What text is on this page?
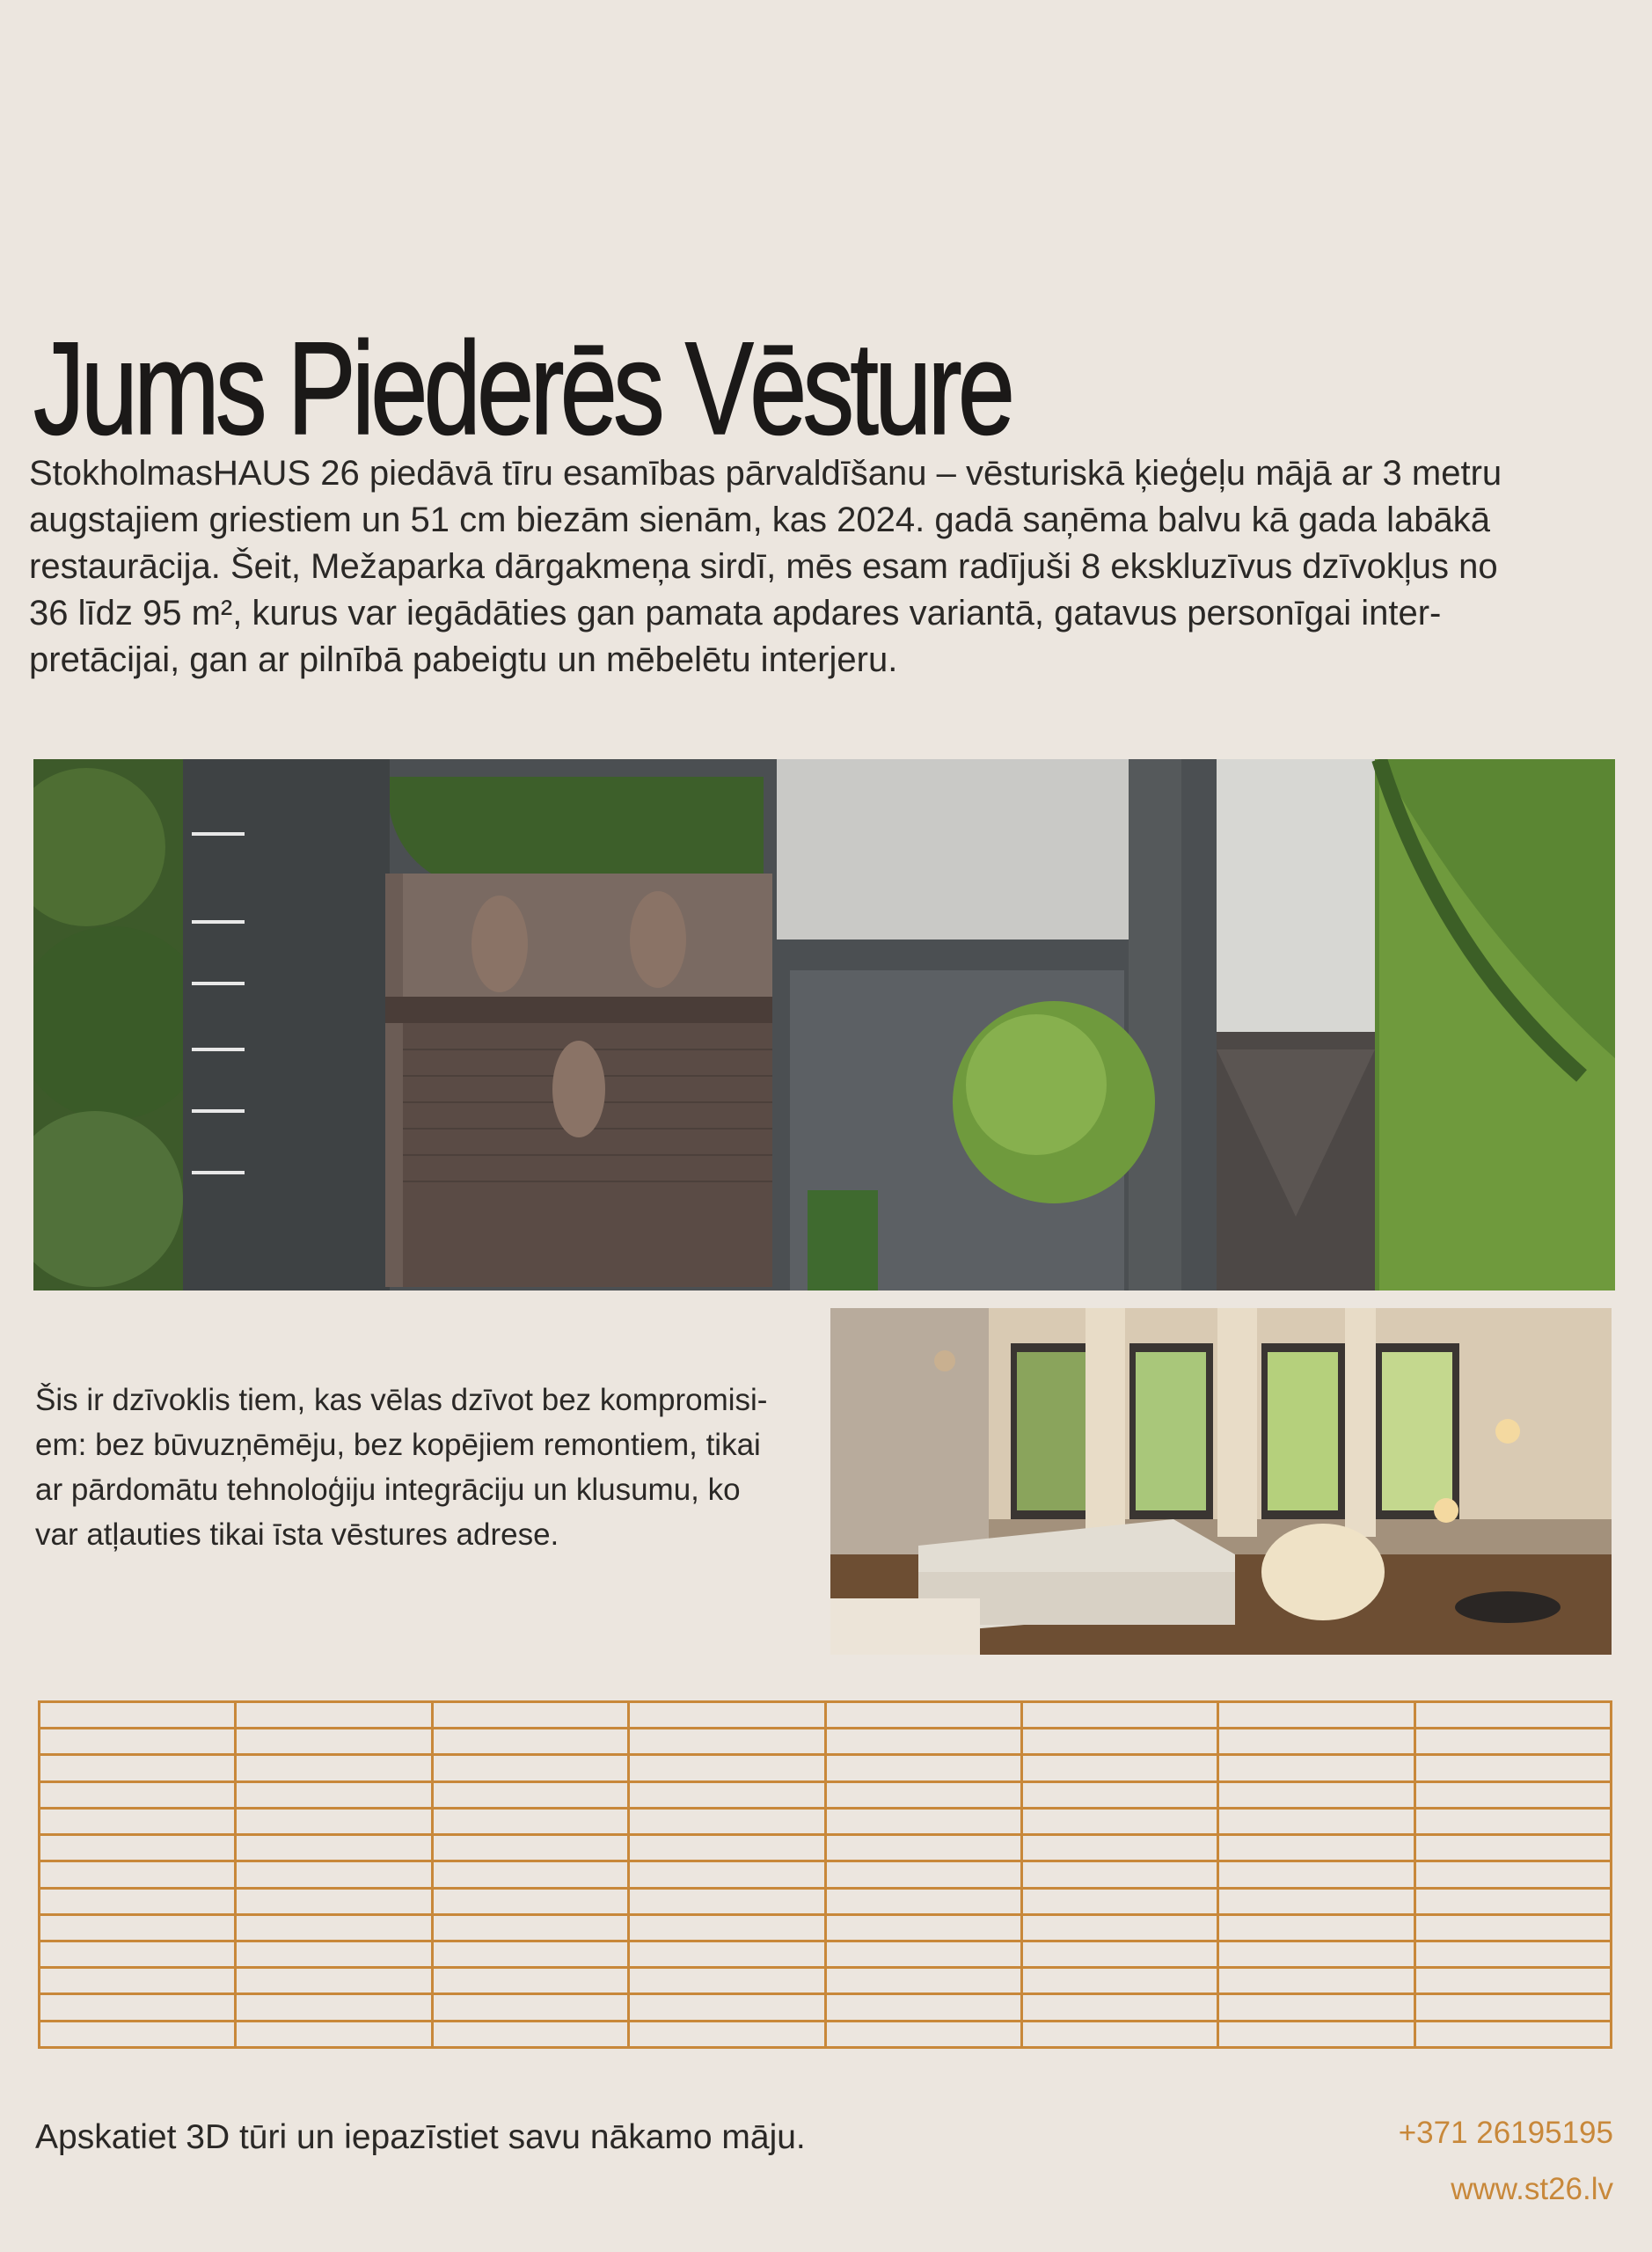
Jums Piederēs Vēsture
StokholmasHAUS 26 piedāvā tīru esamības pārvaldīšanu – vēsturiskā ķieģeļu mājā ar 3 metru
augstajiem griestiem un 51 cm biezām sienām, kas 2024. gadā saņēma balvu kā gada labākā
restaurācija. Šeit, Mežaparka dārgakmeņa sirdī, mēs esam radījuši 8 ekskluzīvus dzīvokļus no
36 līdz 95 m², kurus var iegādāties gan pamata apdares variantā, gatavus personīgai inter-
pretācijai, gan ar pilnībā pabeigtu un mēbelētu interjeru.
Šis ir dzīvoklis tiem, kas vēlas dzīvot bez kompromisi-
em: bez būvuzņēmēju, bez kopējiem remontiem, tikai
ar pārdomātu tehnoloģiju integrāciju un klusumu, ko
var atļauties tikai īsta vēstures adrese.

Apskatiet 3D tūri un iepazīstiet savu nākamo māju.	+371 26195195
www.st26.lv
